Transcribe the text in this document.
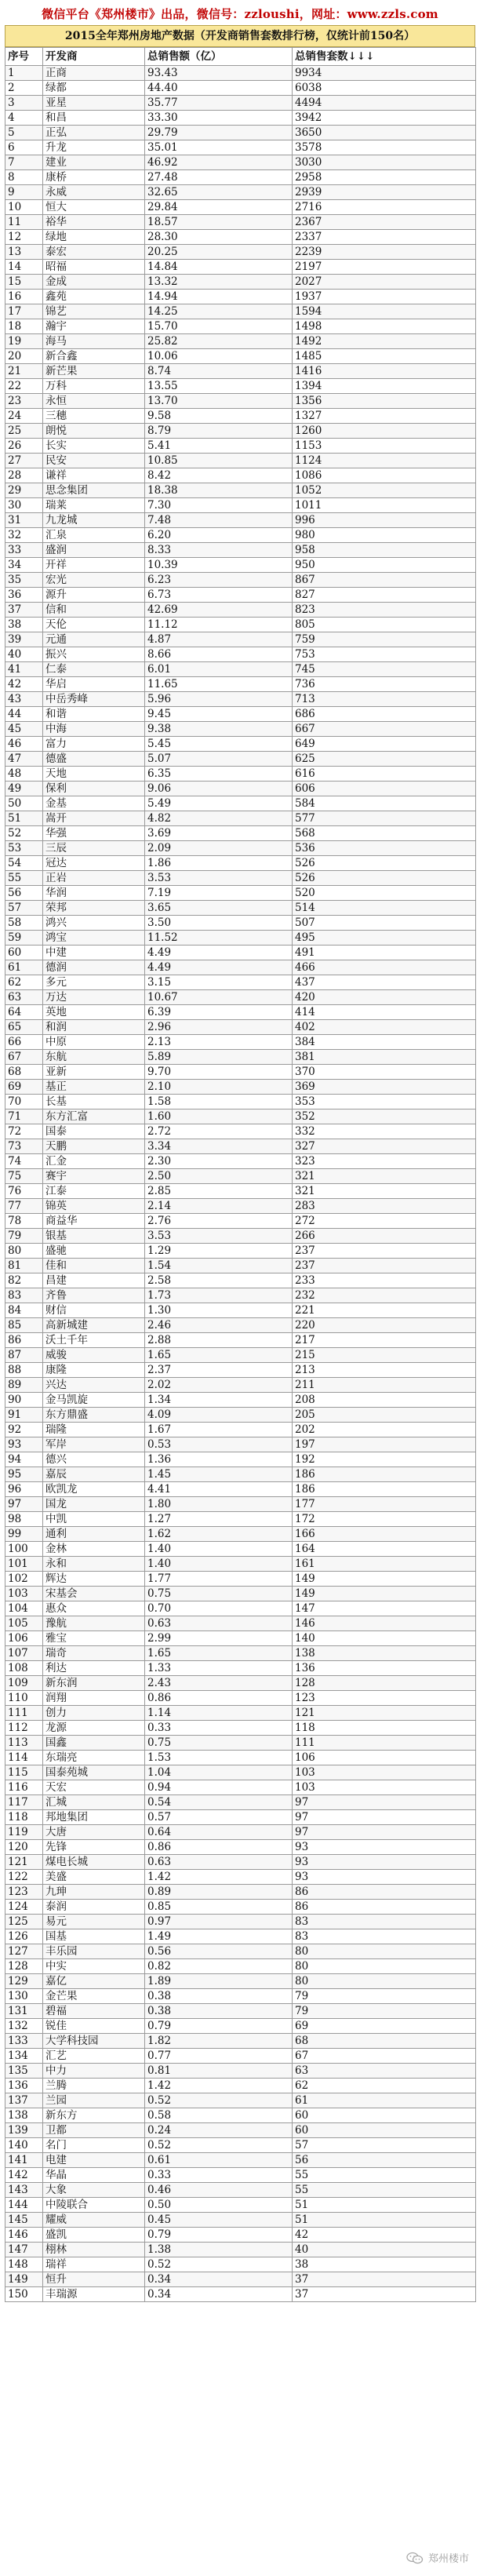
微信平台《郑州楼市》出品，微信号：zzloushi，网址：www.zzls.com
2015全年郑州房地产数据（开发商销售套数排行榜，仅统计前150名）
序号	开发商	总销售额（亿）	总销售套数↓↓↓
1	正商	93.43	9934
2	绿都	44.40	6038
3	亚星	35.77	4494
4	和昌	33.30	3942
5	正弘	29.79	3650
6	升龙	35.01	3578
7	建业	46.92	3030
8	康桥	27.48	2958
9	永威	32.65	2939
10	恒大	29.84	2716
11	裕华	18.57	2367
12	绿地	28.30	2337
13	泰宏	20.25	2239
14	昭福	14.84	2197
15	金成	13.32	2027
16	鑫苑	14.94	1937
17	锦艺	14.25	1594
18	瀚宇	15.70	1498
19	海马	25.82	1492
20	新合鑫	10.06	1485
21	新芒果	8.74	1416
22	万科	13.55	1394
23	永恒	13.70	1356
24	三穗	9.58	1327
25	朗悦	8.79	1260
26	长实	5.41	1153
27	民安	10.85	1124
28	谦祥	8.42	1086
29	思念集团	18.38	1052
30	瑞莱	7.30	1011
31	九龙城	7.48	996
32	汇泉	6.20	980
33	盛润	8.33	958
34	开祥	10.39	950
35	宏光	6.23	867
36	源升	6.73	827
37	信和	42.69	823
38	天伦	11.12	805
39	元通	4.87	759
40	振兴	8.66	753
41	仁泰	6.01	745
42	华启	11.65	736
43	中岳秀峰	5.96	713
44	和谐	9.45	686
45	中海	9.38	667
46	富力	5.45	649
47	德盛	5.07	625
48	天地	6.35	616
49	保利	9.06	606
50	金基	5.49	584
51	嵩开	4.82	577
52	华强	3.69	568
53	三辰	2.09	536
54	冠达	1.86	526
55	正岩	3.53	526
56	华润	7.19	520
57	荣邦	3.65	514
58	鸿兴	3.50	507
59	鸿宝	11.52	495
60	中建	4.49	491
61	德润	4.49	466
62	多元	3.15	437
63	万达	10.67	420
64	英地	6.39	414
65	和润	2.96	402
66	中原	2.13	384
67	东航	5.89	381
68	亚新	9.70	370
69	基正	2.10	369
70	长基	1.58	353
71	东方汇富	1.60	352
72	国泰	2.72	332
73	天鹏	3.34	327
74	汇金	2.30	323
75	赛宇	2.50	321
76	江泰	2.85	321
77	锦英	2.14	283
78	商益华	2.76	272
79	银基	3.53	266
80	盛驰	1.29	237
81	佳和	1.54	237
82	昌建	2.58	233
83	齐鲁	1.73	232
84	财信	1.30	221
85	高新城建	2.46	220
86	沃土千年	2.88	217
87	威骏	1.65	215
88	康隆	2.37	213
89	兴达	2.02	211
90	金马凯旋	1.34	208
91	东方鼎盛	4.09	205
92	瑞隆	1.67	202
93	军岸	0.53	197
94	德兴	1.36	192
95	嘉辰	1.45	186
96	欧凯龙	4.41	186
97	国龙	1.80	177
98	中凯	1.27	172
99	通利	1.62	166
100	金林	1.40	164
101	永和	1.40	161
102	辉达	1.77	149
103	宋基会	0.75	149
104	惠众	0.70	147
105	豫航	0.63	146
106	雅宝	2.99	140
107	瑞奇	1.65	138
108	利达	1.33	136
109	新东润	2.43	128
110	润翔	0.86	123
111	创力	1.14	121
112	龙源	0.33	118
113	国鑫	0.75	111
114	东瑞亮	1.53	106
115	国泰苑城	1.04	103
116	天宏	0.94	103
117	汇城	0.54	97
118	邦地集团	0.57	97
119	大唐	0.64	97
120	先锋	0.86	93
121	煤电长城	0.63	93
122	美盛	1.42	93
123	九珅	0.89	86
124	泰润	0.85	86
125	易元	0.97	83
126	国基	1.49	83
127	丰乐园	0.56	80
128	中实	0.82	80
129	嘉亿	1.89	80
130	金芒果	0.38	79
131	碧福	0.38	79
132	锐佳	0.79	69
133	大学科技园	1.82	68
134	汇艺	0.77	67
135	中力	0.81	63
136	兰腾	1.42	62
137	兰园	0.52	61
138	新东方	0.58	60
139	卫都	0.24	60
140	名门	0.52	57
141	电建	0.61	56
142	华晶	0.33	55
143	大象	0.46	55
144	中陵联合	0.50	51
145	耀威	0.45	51
146	盛凯	0.79	42
147	栩林	1.38	40
148	瑞祥	0.52	38
149	恒升	0.34	37
150	丰瑞源	0.34	37
郑州楼市
